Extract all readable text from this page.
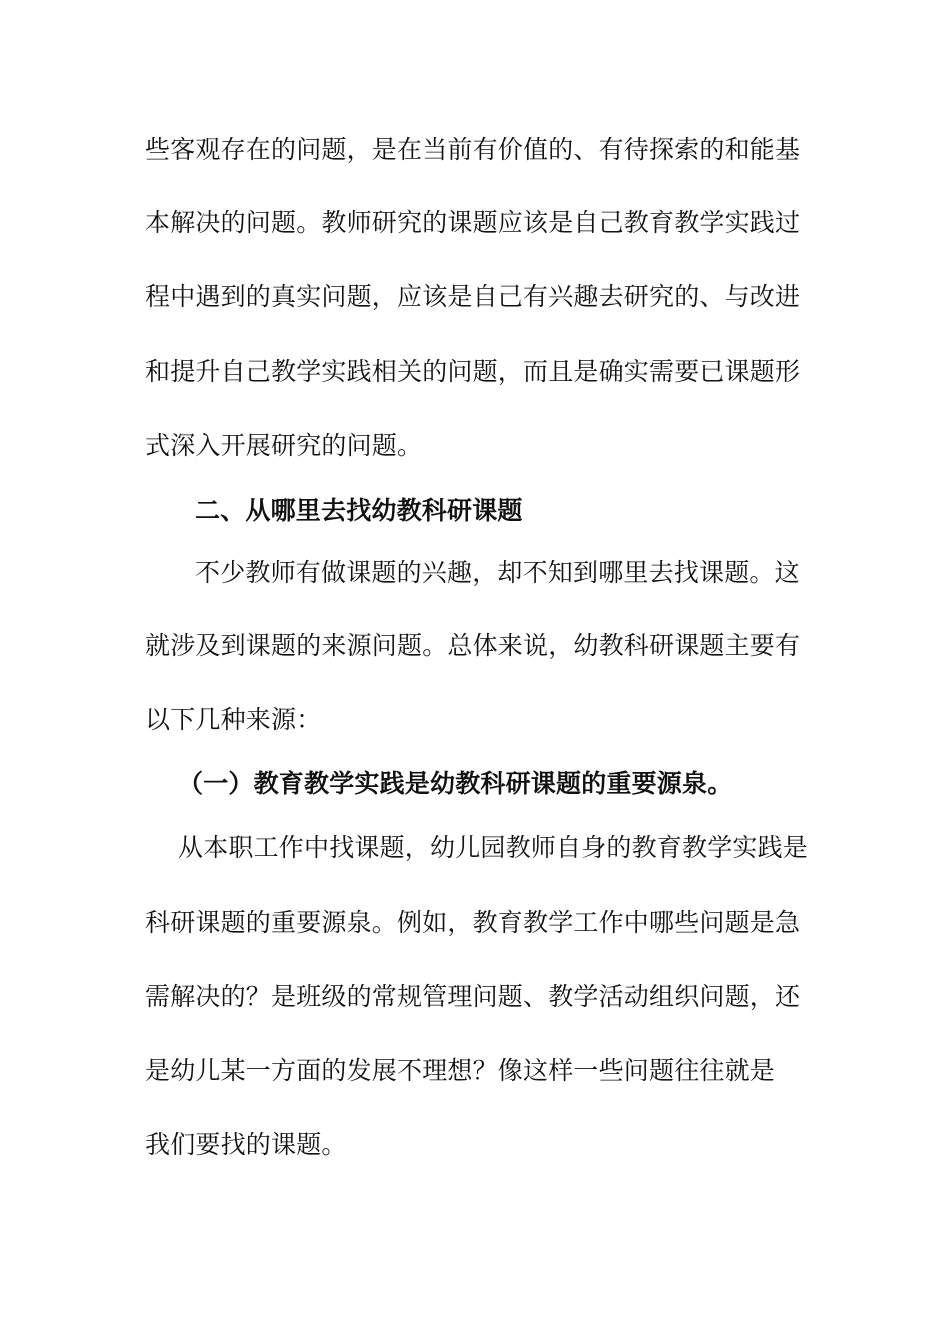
些客观存在的问题，是在当前有价值的、有待探索的和能基
本解决的问题。教师研究的课题应该是自己教育教学实践过
程中遇到的真实问题，应该是自己有兴趣去研究的、与改进
和提升自己教学实践相关的问题，而且是确实需要已课题形
式深入开展研究的问题。
二、从哪里去找幼教科研课题
不少教师有做课题的兴趣，却不知到哪里去找课题。这
就涉及到课题的来源问题。总体来说，幼教科研课题主要有
以下几种来源：
（一）教育教学实践是幼教科研课题的重要源泉。
从本职工作中找课题，幼儿园教师自身的教育教学实践是
科研课题的重要源泉。例如，教育教学工作中哪些问题是急
需解决的？是班级的常规管理问题、教学活动组织问题，还
是幼儿某一方面的发展不理想？像这样一些问题往往就是
我们要找的课题。
